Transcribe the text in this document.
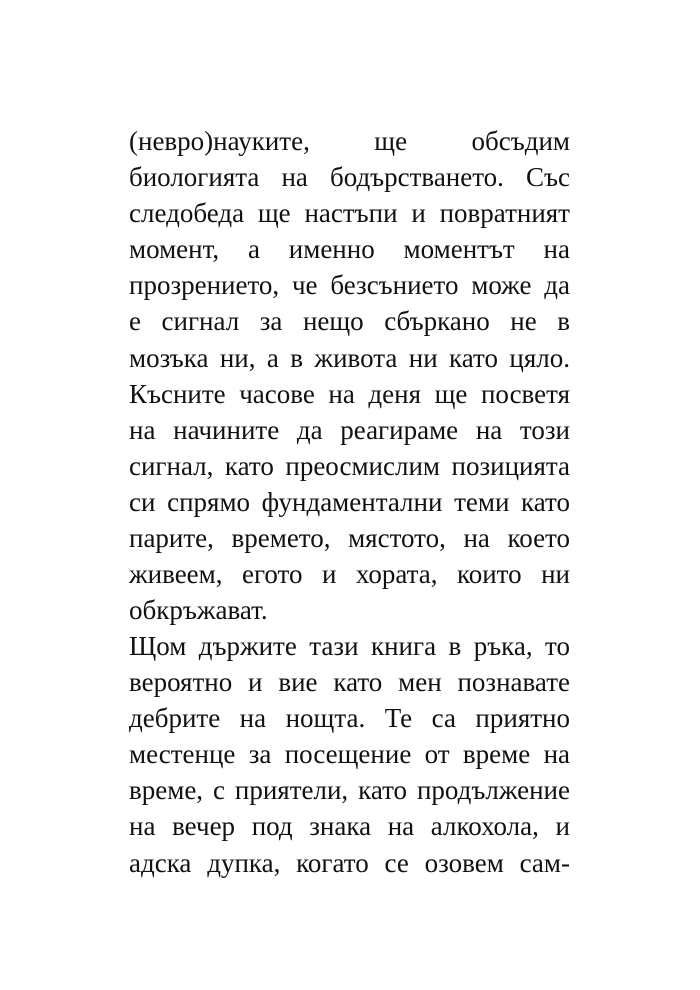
(невро)науките, ще обсъдим
биологията на бодърстването. Със
следобеда ще настъпи и повратният
момент, а именно моментът на
прозрението, че безсънието може да
е сигнал за нещо сбъркано не в
мозъка ни, а в живота ни като цяло.
Късните часове на деня ще посветя
на начините да реагираме на този
сигнал, като преосмислим позицията
си спрямо фундаментални теми като
парите, времето, мястото, на което
живеем, егото и хората, които ни
обкръжават.
Щом държите тази книга в ръка, то
вероятно и вие като мен познавате
дебрите на нощта. Те са приятно
местенце за посещение от време на
време, с приятели, като продължение
на вечер под знака на алкохола, и
адска дупка, когато се озовем сам-
